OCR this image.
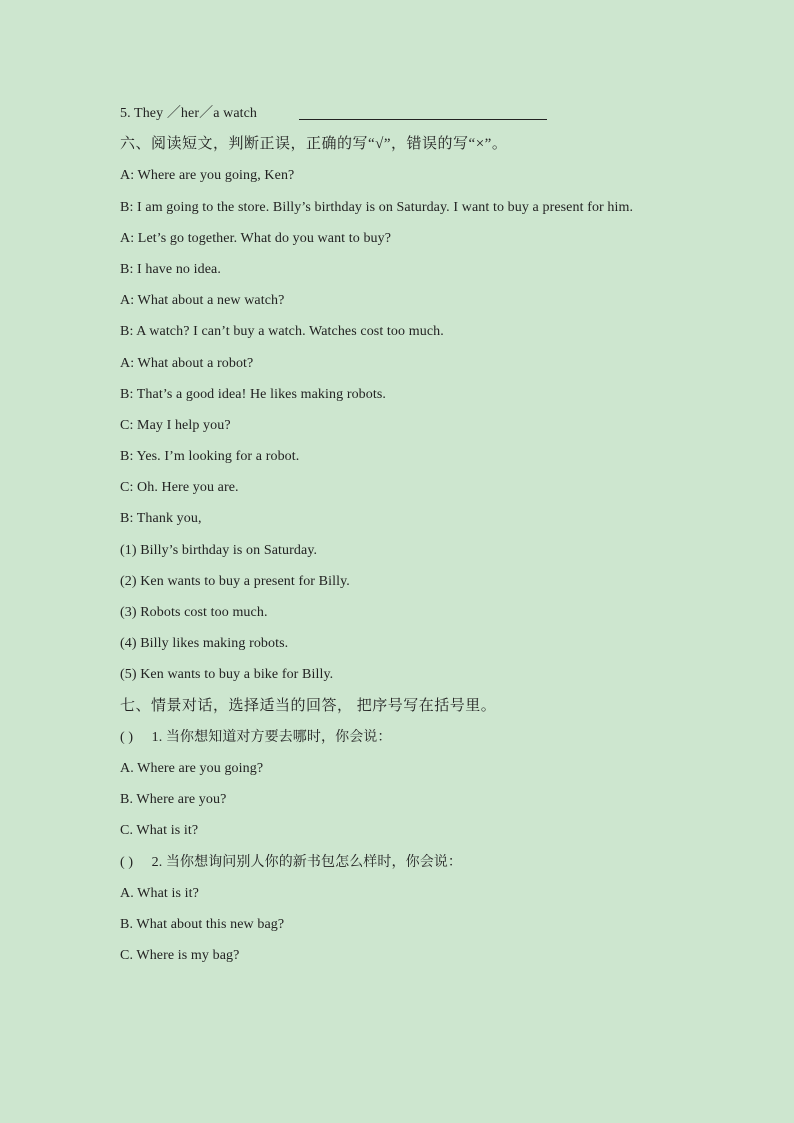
5. They ／her／a watch
六、阅读短文，判断正误，正确的写“√”，错误的写“×”。
A: Where are you going, Ken?
B: I am going to the store. Billy’s birthday is on Saturday. I want to buy a present for him.
A: Let’s go together. What do you want to buy?
B: I have no idea.
A: What about a new watch?
B: A watch? I can’t buy a watch. Watches cost too much.
A: What about a robot?
B: That’s a good idea! He likes making robots.
C: May I help you?
B: Yes. I’m looking for a robot.
C: Oh. Here you are.
B: Thank you,
(1) Billy’s birthday is on Saturday.
(2) Ken wants to buy a present for Billy.
(3) Robots cost too much.
(4) Billy likes making robots.
(5) Ken wants to buy a bike for Billy.
七、情景对话，选择适当的回答， 把序号写在括号里。
( ) 1. 当你想知道对方要去哪时，你会说：
A. Where are you going?
B. Where are you?
C. What is it?
( ) 2. 当你想询问别人你的新书包怎么样时，你会说：
A. What is it?
B. What about this new bag?
C. Where is my bag?
